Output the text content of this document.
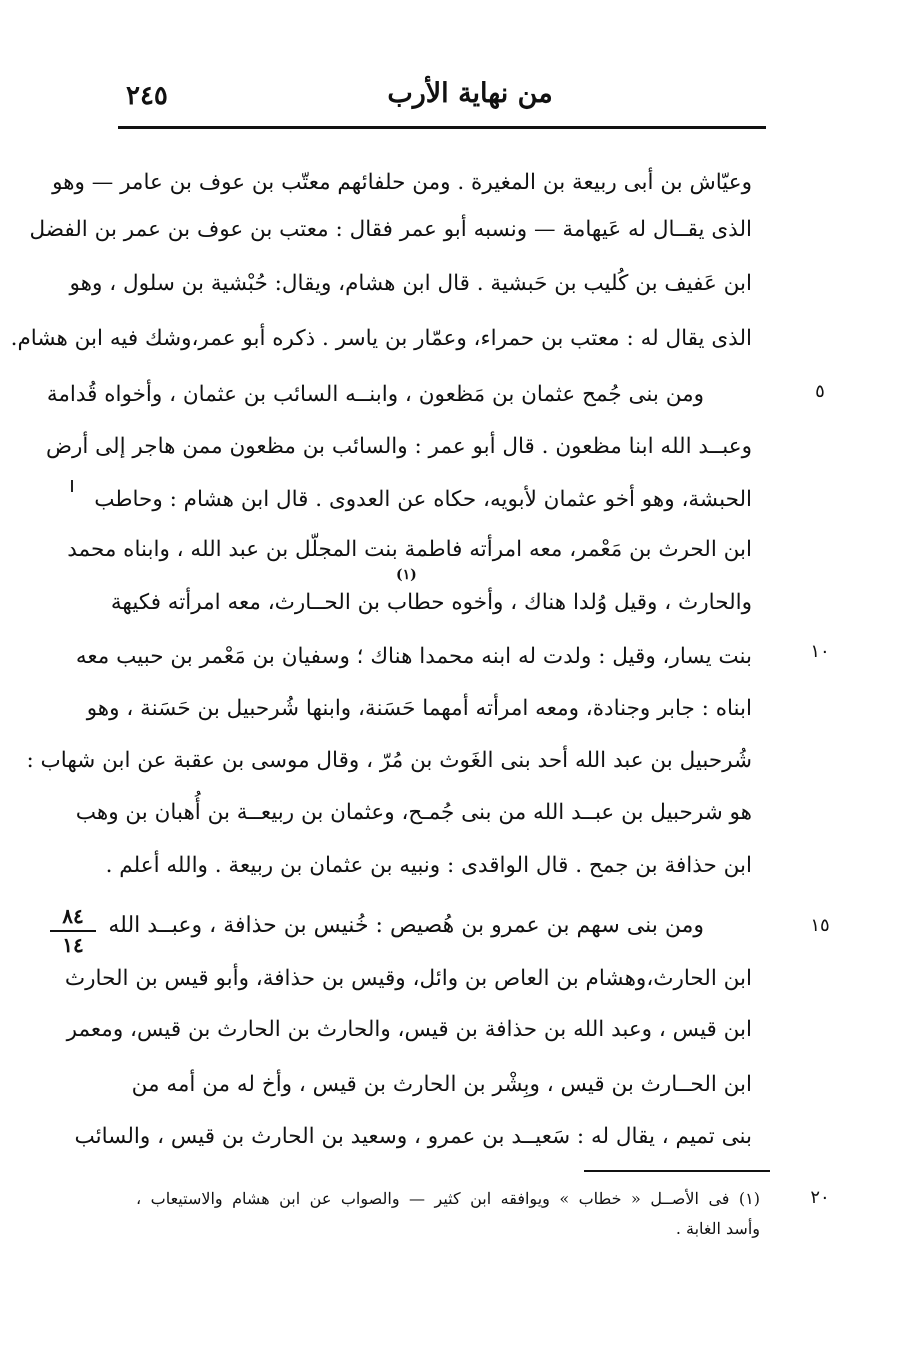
من نهاية الأرب
٢٤٥
وعيّاش بن أبى ربيعة بن المغيرة . ومن حلفائهم معتّب بن عوف بن عامر — وهو
الذى يقــال له عَيهامة — ونسبه أبو عمر فقال : معتب بن عوف بن عمر بن الفضل
ابن عَفيف بن كُليب بن حَبشية . قال ابن هشام، ويقال: حُبْشية بن سلول ، وهو
الذى يقال له : معتب بن حمراء، وعمّار بن ياسر . ذكره أبو عمر،وشك فيه ابن هشام.
ومن بنى جُمح عثمان بن مَظعون ، وابنــه السائب بن عثمان ، وأخواه قُدامة
وعبــد الله ابنا مظعون . قال أبو عمر : والسائب بن مظعون ممن هاجر إلى أرض
الحبشة، وهو أخو عثمان لأبويه، حكاه عن العدوى . قال ابن هشام : وحاطب
ابن الحرث بن مَعْمر، معه امرأته فاطمة بنت المجلّل بن عبد الله ، وابناه محمد
(١)
والحارث ، وقيل وُلدا هناك ، وأخوه حطاب بن الحــارث، معه امرأته فكيهة
بنت يسار، وقيل : ولدت له ابنه محمدا هناك ؛ وسفيان بن مَعْمر بن حبيب معه
ابناه : جابر وجنادة، ومعه امرأته أمهما حَسَنة، وابنها شُرحبيل بن حَسَنة ، وهو
شُرحبيل بن عبد الله أحد بنى الغَوث بن مُرّ ، وقال موسى بن عقبة عن ابن شهاب :
هو شرحبيل بن عبــد الله من بنى جُمـح، وعثمان بن ربيعــة بن أُهبان بن وهب
ابن حذافة بن جمح . قال الواقدى : ونبيه بن عثمان بن ربيعة . والله أعلم .
ومن بنى سهم بن عمرو بن هُصيص : خُنيس بن حذافة ، وعبــد الله
ابن الحارث،وهشام بن العاص بن وائل، وقيس بن حذافة، وأبو قيس بن الحارث
ابن قيس ، وعبد الله بن حذافة بن قيس، والحارث بن الحارث بن قيس، ومعمر
ابن الحــارث بن قيس ، وبِشْر بن الحارث بن قيس ، وأخ له من أمه من
بنى تميم ، يقال له : سَعيــد بن عمرو ، وسعيد بن الحارث بن قيس ، والسائب
٥
١٠
١٥
٢٠
٨٤
١٤
(١) فى الأصــل « خطاب » ويوافقه ابن كثير — والصواب عن ابن هشام والاستيعاب ،
وأسد الغابة .
